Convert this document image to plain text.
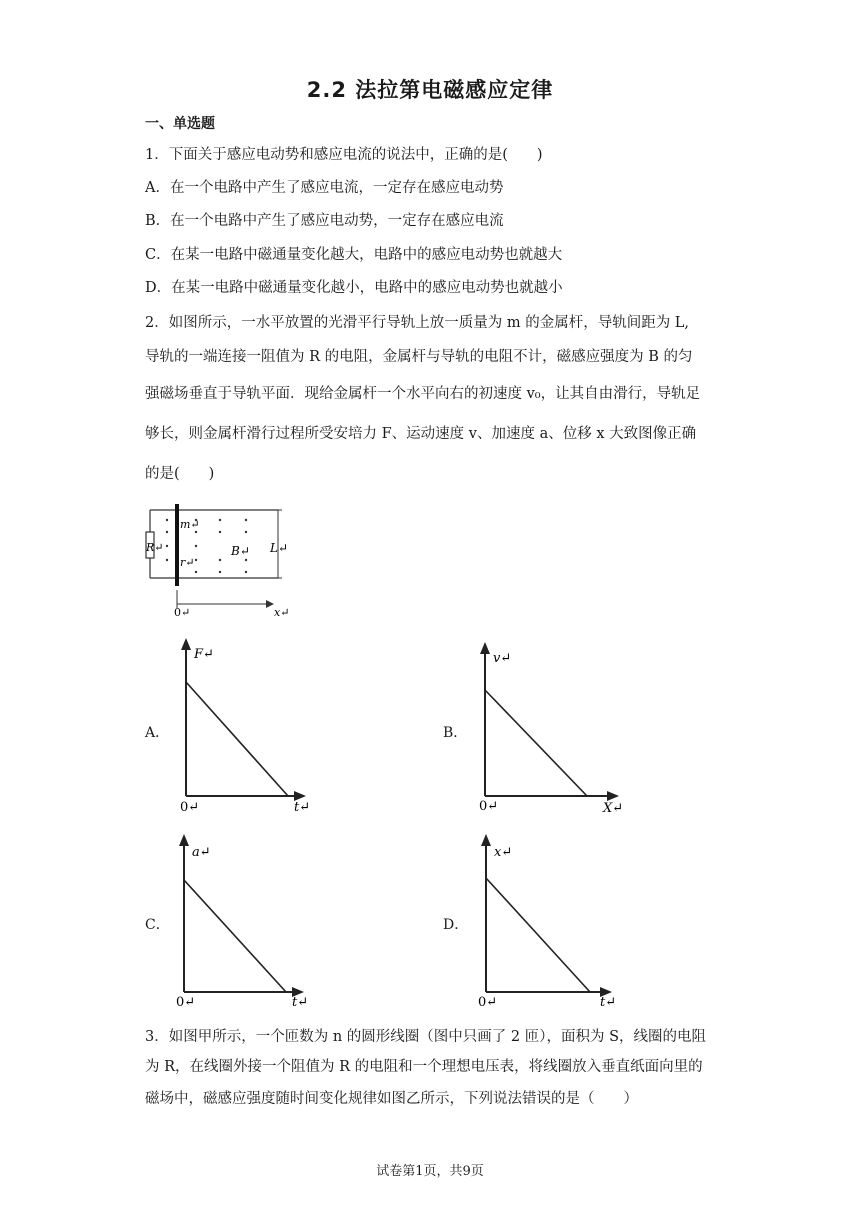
2.2 法拉第电磁感应定律
一、单选题
1．下面关于感应电动势和感应电流的说法中，正确的是(　　)
A．在一个电路中产生了感应电流，一定存在感应电动势
B．在一个电路中产生了感应电动势，一定存在感应电流
C．在某一电路中磁通量变化越大，电路中的感应电动势也就越大
D．在某一电路中磁通量变化越小，电路中的感应电动势也就越小
2．如图所示，一水平放置的光滑平行导轨上放一质量为 m 的金属杆，导轨间距为 L,
导轨的一端连接一阻值为 R 的电阻，金属杆与导轨的电阻不计，磁感应强度为 B 的匀
强磁场垂直于导轨平面．现给金属杆一个水平向右的初速度 v₀，让其自由滑行，导轨足
够长，则金属杆滑行过程所受安培力 F、运动速度 v、加速度 a、位移 x 大致图像正确
的是(　　)
m↵
r↵
R↵	B↵ L↵
0↵	x↵
A．
F↵
0↵	t↵
B．
v↵
0↵	X↵
C．
a↵
0↵	t↵
D．
x↵
0↵	t↵
3．如图甲所示，一个匝数为 n 的圆形线圈（图中只画了 2 匝），面积为 S，线圈的电阻
为 R，在线圈外接一个阻值为 R 的电阻和一个理想电压表，将线圈放入垂直纸面向里的
磁场中，磁感应强度随时间变化规律如图乙所示，下列说法错误的是（　　）
试卷第1页，共9页
